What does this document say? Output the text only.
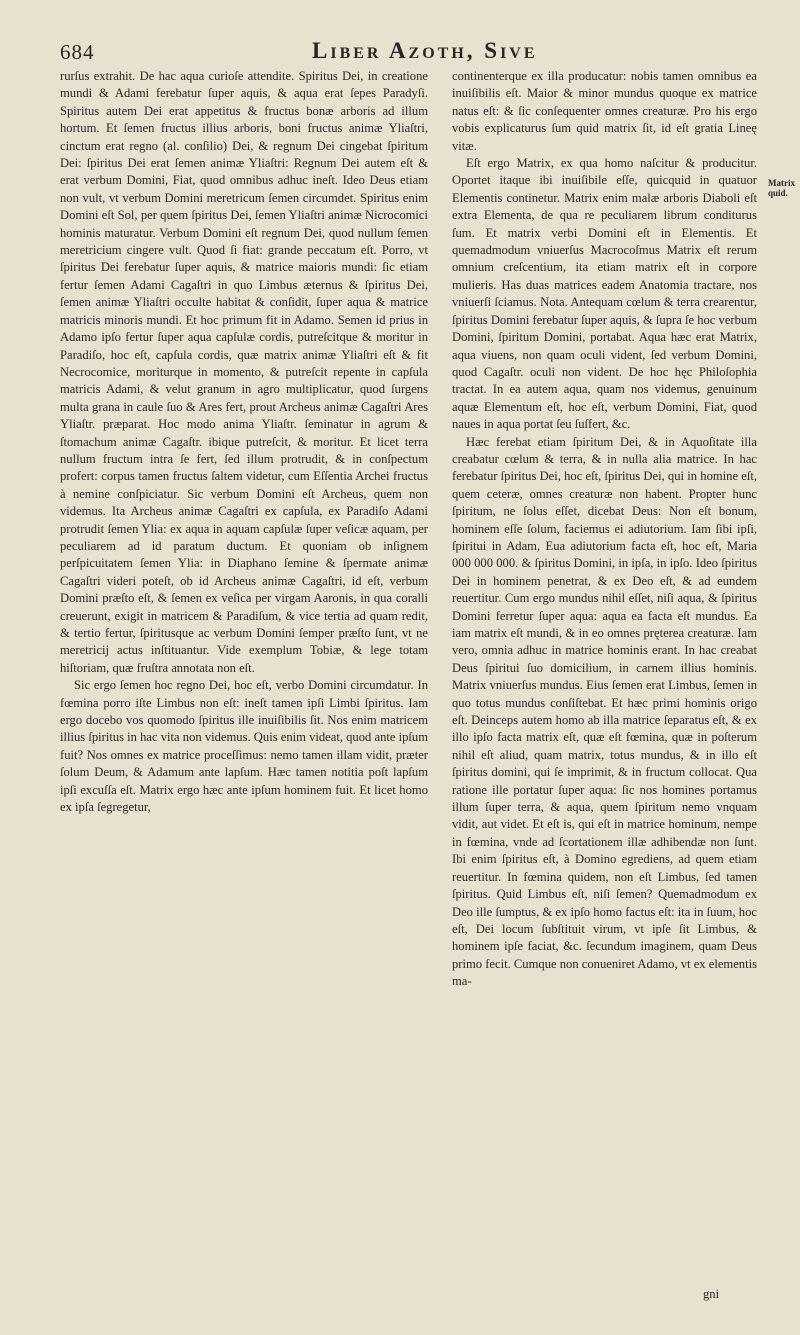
684	Liber Azoth, Sive

rurſus extrahit. De hac aqua curioſe attendite. Spiritus Dei, in creatione mundi & Adami ferebatur ſuper aquis, & aqua erat ſepes Paradyſi. Spiritus autem Dei erat appetitus & fructus bonæ arboris ad illum hortum. Et ſemen fructus illius arboris, boni fructus animæ Yliaſtri, cinctum erat regno (al. conſilio) Dei, & regnum Dei cingebat ſpiritum Dei: ſpiritus Dei erat ſemen animæ Yliaſtri: Regnum Dei autem eſt & erat verbum Domini, Fiat, quod omnibus adhuc ineſt. Ideo Deus etiam non vult, vt verbum Domini meretricum ſemen circumdet. Spiritus enim Domini eſt Sol, per quem ſpiritus Dei, ſemen Yliaſtri animæ Nicrocomici hominis maturatur. Verbum Domini eſt regnum Dei, quod nullum ſemen meretricium cingere vult. Quod ſi fiat: grande peccatum eſt. Porro, vt ſpiritus Dei ferebatur ſuper aquis, & matrice maioris mundi: ſic etiam fertur ſemen Adami Cagaſtri in quo Limbus æternus & ſpiritus Dei, ſemen animæ Yliaſtri occulte habitat & conſidit, ſuper aqua & matrice matricis minoris mundi. Et hoc primum fit in Adamo. Semen id prius in Adamo ipſo fertur ſuper aqua capſulæ cordis, putreſcitque & moritur in Paradiſo, hoc eſt, capſula cordis, quæ matrix animæ Yliaſtri eſt & fit Necrocomice, moriturque in momento, & putreſcit repente in capſula matricis Adami, & velut granum in agro multiplicatur, quod ſurgens multa grana in caule ſuo & Ares fert, prout Archeus animæ Cagaſtri Ares Yliaſtr. præparat. Hoc modo anima Yliaſtr. ſeminatur in agrum & ſtomachum animæ Cagaſtr. ibique putreſcit, & moritur. Et licet terra nullum fructum intra ſe fert, ſed illum protrudit, & in conſpectum profert: corpus tamen fructus ſaltem videtur, cum Eſſentia Archei fructus à nemine conſpiciatur. Sic verbum Domini eſt Archeus, quem non videmus. Ita Archeus animæ Cagaſtri ex capſula, ex Paradiſo Adami protrudit ſemen Ylia: ex aqua in aquam capſulæ ſuper veſicæ aquam, per peculiarem ad id paratum ductum. Et quoniam ob inſignem perſpicuitatem ſemen Ylia: in Diaphano ſemine & ſpermate animæ Cagaſtri videri poteſt, ob id Archeus animæ Cagaſtri, id eſt, verbum Domini præſto eſt, & ſemen ex veſica per virgam Aaronis, in qua coralli creuerunt, exigit in matricem & Paradiſum, & vice tertia ad quam redit, & tertio fertur, ſpiritusque ac verbum Domini ſemper præſto ſunt, vt ne meretricij actus inſtituantur. Vide exemplum Tobiæ, & lege totam hiſtoriam, quæ fruſtra annotata non eſt.

Sic ergo ſemen hoc regno Dei, hoc eſt, verbo Domini circumdatur. In fœmina porro iſte Limbus non eſt: ineſt tamen ipſi Limbi ſpiritus. Iam ergo docebo vos quomodo ſpiritus ille inuiſibilis ſit. Nos enim matricem illius ſpiritus in hac vita non videmus. Quis enim videat, quod ante ipſum fuit? Nos omnes ex matrice proceſſimus: nemo tamen illam vidit, præter ſolum Deum, & Adamum ante lapſum. Hæc tamen notitia poſt lapſum ipſi excuſſa eſt. Matrix ergo hæc ante ipſum hominem fuit. Et licet homo ex ipſa ſegregetur,

continenterque ex illa producatur: nobis tamen omnibus ea inuiſibilis eſt. Maior & minor mundus quoque ex matrice natus eſt: & ſic conſequenter omnes creaturæ. Pro his ergo vobis explicaturus ſum quid matrix ſit, id eſt gratia Lineę vitæ.

Eſt ergo Matrix, ex qua homo naſcitur & producitur. Oportet itaque ibi inuiſibile eſſe, quicquid in quatuor Elementis continetur. Matrix enim malæ arboris Diaboli eſt extra Elementa, de qua re peculiarem librum conditurus ſum. Et matrix verbi Domini eſt in Elementis. Et quemadmodum vniuerſus Macrocoſmus Matrix eſt rerum omnium creſcentium, ita etiam matrix eſt in corpore mulieris. Has duas matrices eadem Anatomia tractare, nos vniuerſi ſciamus. Nota. Antequam cœlum & terra crearentur, ſpiritus Domini ferebatur ſuper aquis, & ſupra ſe hoc verbum Domini, ſpiritum Domini, portabat. Aqua hæc erat Matrix, aqua viuens, non quam oculi vident, ſed verbum Domini, quod Cagaſtr. oculi non vident. De hoc hęc Philoſophia tractat. In ea autem aqua, quam nos videmus, genuinum aquæ Elementum eſt, hoc eſt, verbum Domini, Fiat, quod naues in aqua portat ſeu ſuſfert, &c.

Hæc ferebat etiam ſpiritum Dei, & in Aquoſitate illa creabatur cœlum & terra, & in nulla alia matrice. In hac ferebatur ſpiritus Dei, hoc eſt, ſpiritus Dei, qui in homine eſt, quem ceteræ, omnes creaturæ non habent. Propter hunc ſpiritum, ne ſolus eſſet, dicebat Deus: Non eſt bonum, hominem eſſe ſolum, faciemus ei adiutorium. Iam ſibi ipſi, ſpiritui in Adam, Eua adiutorium facta eſt, hoc eſt, Maria 000 000 000. & ſpiritus Domini, in ipſa, in ipſo. Ideo ſpiritus Dei in hominem penetrat, & ex Deo eſt, & ad eundem reuertitur. Cum ergo mundus nihil eſſet, niſi aqua, & ſpiritus Domini ferretur ſuper aqua: aqua ea facta eſt mundus. Ea iam matrix eſt mundi, & in eo omnes pręterea creaturæ. Iam vero, omnia adhuc in matrice hominis erant. In hac creabat Deus ſpiritui ſuo domicilium, in carnem illius hominis. Matrix vniuerſus mundus. Eius ſemen erat Limbus, ſemen in quo totus mundus conſiſtebat. Et hæc primi hominis origo eſt. Deinceps autem homo ab illa matrice ſeparatus eſt, & ex illo ipſo facta matrix eſt, quæ eſt fœmina, quæ in poſterum nihil eſt aliud, quam matrix, totus mundus, & in illo eſt ſpiritus domini, qui ſe imprimit, & in fructum collocat. Qua ratione ille portatur ſuper aqua: ſic nos homines portamus illum ſuper terra, & aqua, quem ſpiritum nemo vnquam vidit, aut videt. Et eſt is, qui eſt in matrice hominum, nempe in fœmina, vnde ad ſcortationem illæ adhibendæ non ſunt. Ibi enim ſpiritus eſt, à Domino egrediens, ad quem etiam reuertitur. In fœmina quidem, non eſt Limbus, ſed tamen ſpiritus. Quid Limbus eſt, niſi ſemen? Quemadmodum ex Deo ille ſumptus, & ex ipſo homo factus eſt: ita in ſuum, hoc eſt, Dei locum ſubſtituit virum, vt ipſe ſit Limbus, & hominem ipſe faciat, &c. ſecundum imaginem, quam Deus primo fecit. Cumque non conueniret Adamo, vt ex elementis ma-

Matrix quid.
gni
